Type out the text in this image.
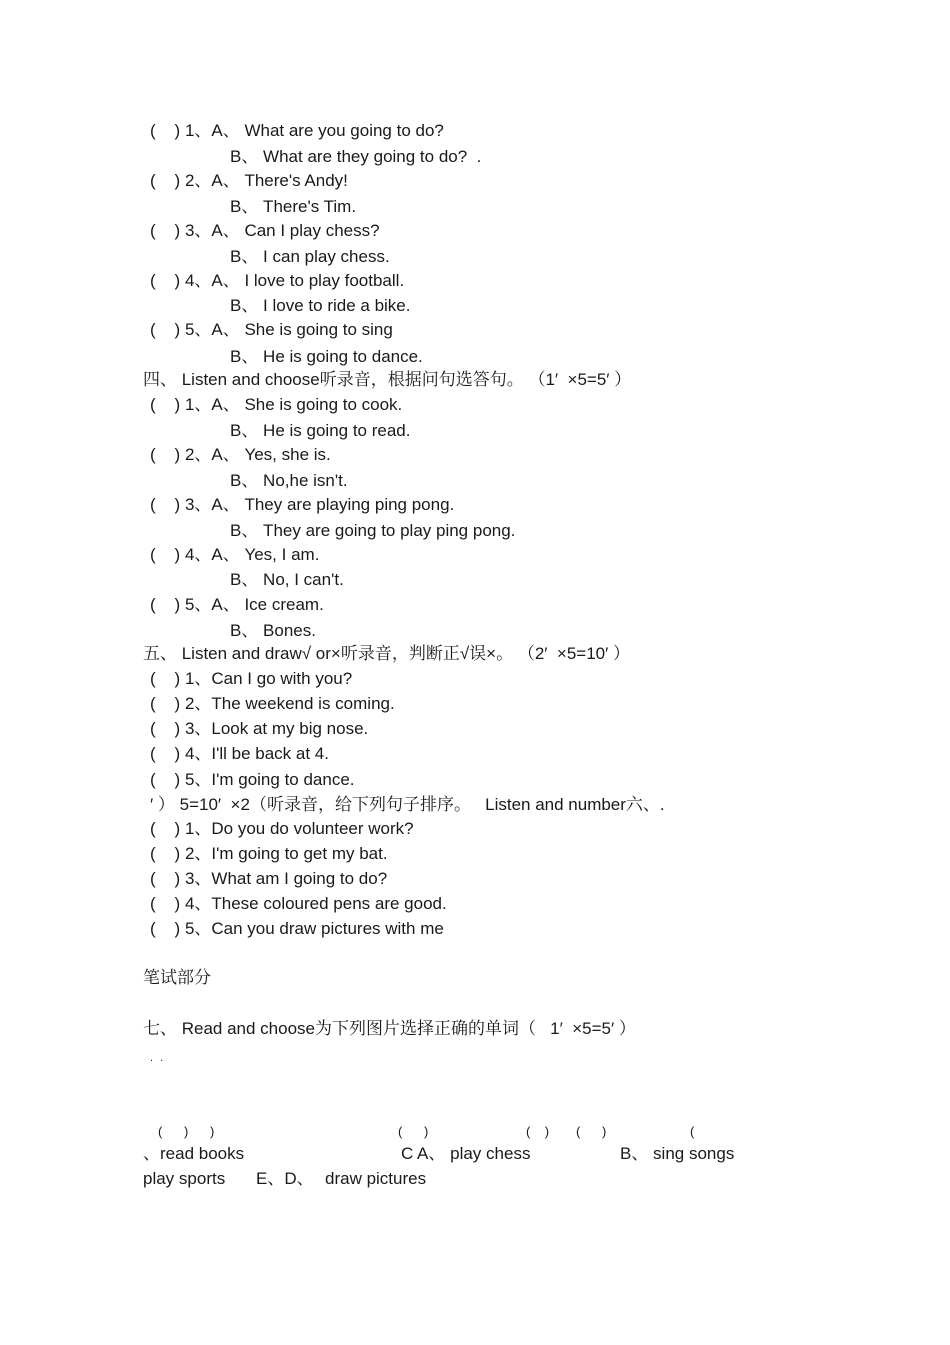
(    ) 1、A、 What are you going to do?
B、 What are they going to do?  .
(    ) 2、A、 There's Andy!
B、 There's Tim.
(    ) 3、A、 Can I play chess?
B、 I can play chess.
(    ) 4、A、 I love to play football.
B、 I love to ride a bike.
(    ) 5、A、 She is going to sing
B、 He is going to dance.
四、 Listen and choose听录音，根据问句选答句。 （1′  ×5=5′ ）
(    ) 1、A、 She is going to cook.
B、 He is going to read.
(    ) 2、A、 Yes, she is.
B、 No,he isn't.
(    ) 3、A、 They are playing ping pong.
B、 They are going to play ping pong.
(    ) 4、A、 Yes, I am.
B、 No, I can't.
(    ) 5、A、 Ice cream.
B、 Bones.
五、 Listen and draw√ or×听录音，判断正√误×。 （2′  ×5=10′ ）
(    ) 1、Can I go with you?
(    ) 2、The weekend is coming.
(    ) 3、Look at my big nose.
(    ) 4、I'll be back at 4.
(    ) 5、I'm going to dance.
′ ） 5=10′  ×2（听录音，给下列句子排序。   Listen and number六、.
(    ) 1、Do you do volunteer work?
(    ) 2、I'm going to get my bat.
(    ) 3、What am I going to do?
(    ) 4、These coloured pens are good.
(    ) 5、Can you draw pictures with me
笔试部分
七、 Read and choose为下列图片选择正确的单词（   1′  ×5=5′ ）
. .
(      )      )	(      )	(    ) (      )	(
、read books	C A、 play chess	B、 sing songs
play sports E、D、 draw pictures
